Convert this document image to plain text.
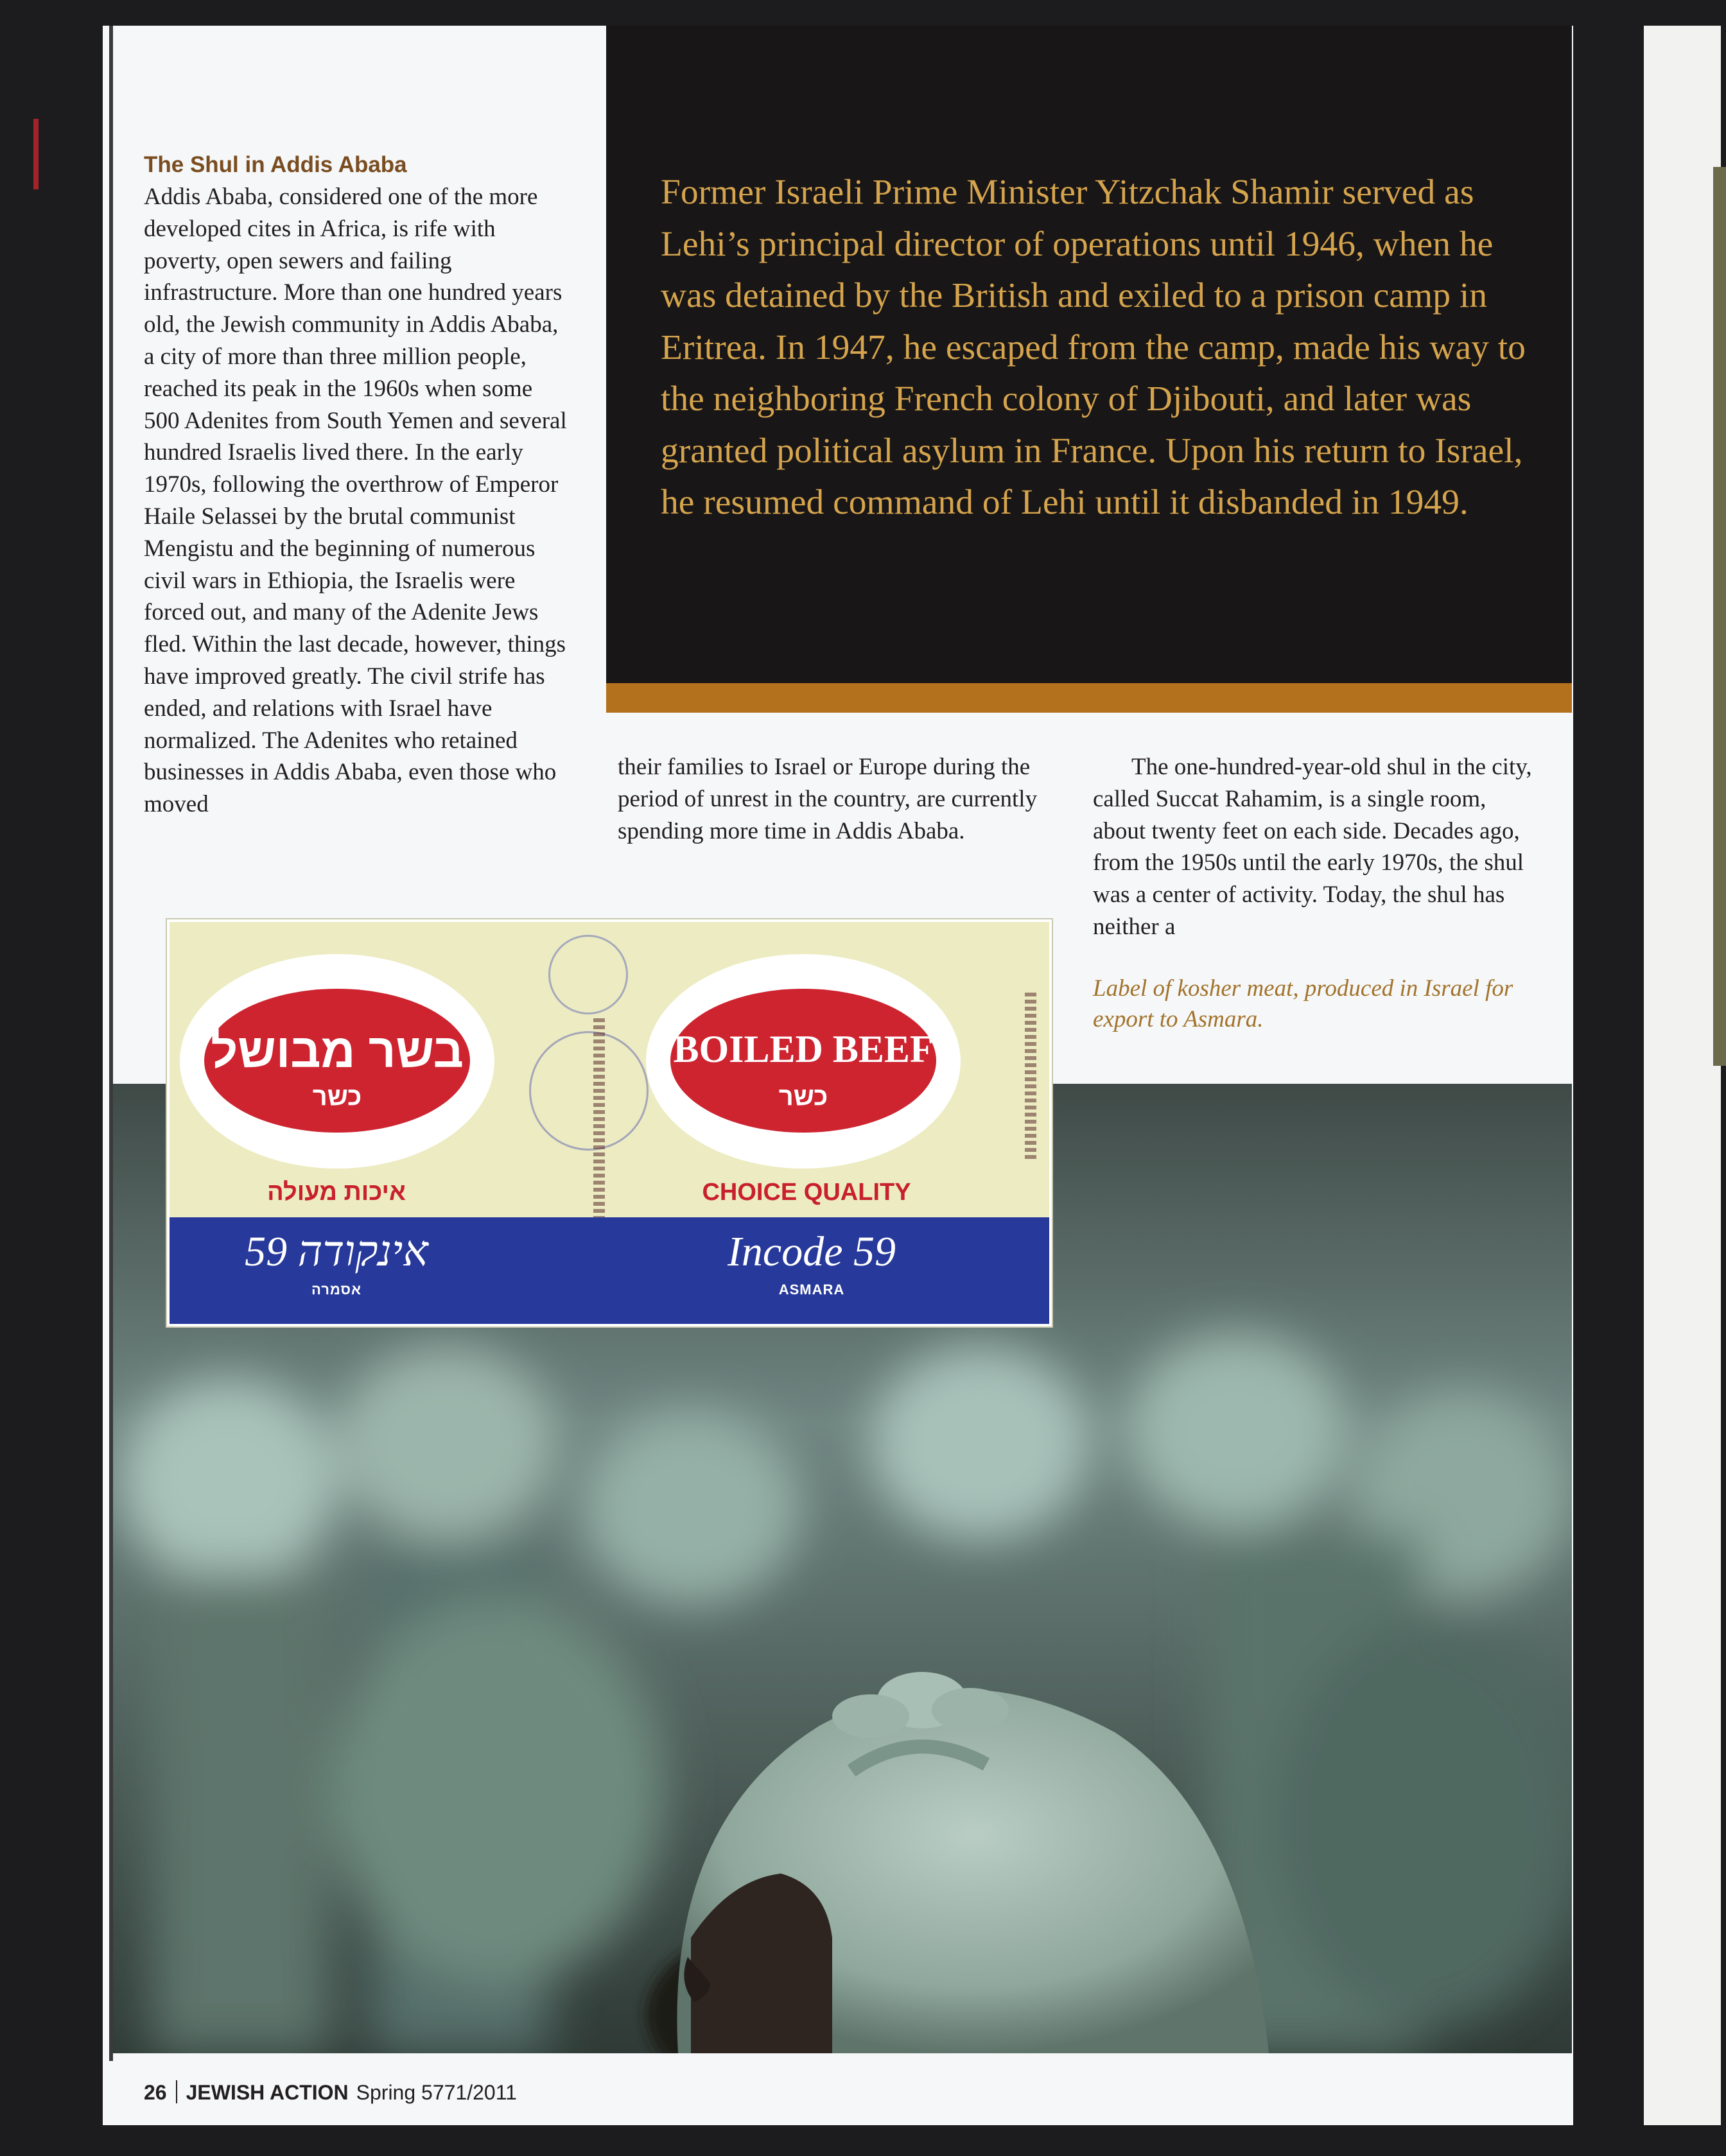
The Shul in Addis Ababa

Addis Ababa, considered one of the more developed cites in Africa, is rife with poverty, open sewers and failing infrastructure. More than one hundred years old, the Jewish community in Addis Ababa, a city of more than three million people, reached its peak in the 1960s when some 500 Adenites from South Yemen and several hundred Israelis lived there. In the early 1970s, following the overthrow of Emperor Haile Selassei by the brutal communist Mengistu and the beginning of numerous civil wars in Ethiopia, the Israelis were forced out, and many of the Adenite Jews fled. Within the last decade, however, things have improved greatly. The civil strife has ended, and relations with Israel have normalized. The Adenites who retained businesses in Addis Ababa, even those who moved

Former Israeli Prime Minister Yitzchak Shamir served as Lehi’s principal director of operations until 1946, when he was detained by the British and exiled to a prison camp in Eritrea. In 1947, he escaped from the camp, made his way to the neighboring French colony of Djibouti, and later was granted political asylum in France. Upon his return to Israel, he resumed command of Lehi until it disbanded in 1949.

their families to Israel or Europe during the period of unrest in the country, are currently spending more time in Addis Ababa.

The one-hundred-year-old shul in the city, called Succat Rahamim, is a single room, about twenty feet on each side. Decades ago, from the 1950s until the early 1970s, the shul was a center of activity. Today, the shul has neither a

Label of kosher meat, produced in Israel for export to Asmara.

בשר מבושל
כשר
איכות מעולה
BOILED BEEF
כשר
CHOICE QUALITY
59 אינקודה
אסמרה
Incode 59
ASMARA
26 JEWISH ACTION Spring 5771/2011
